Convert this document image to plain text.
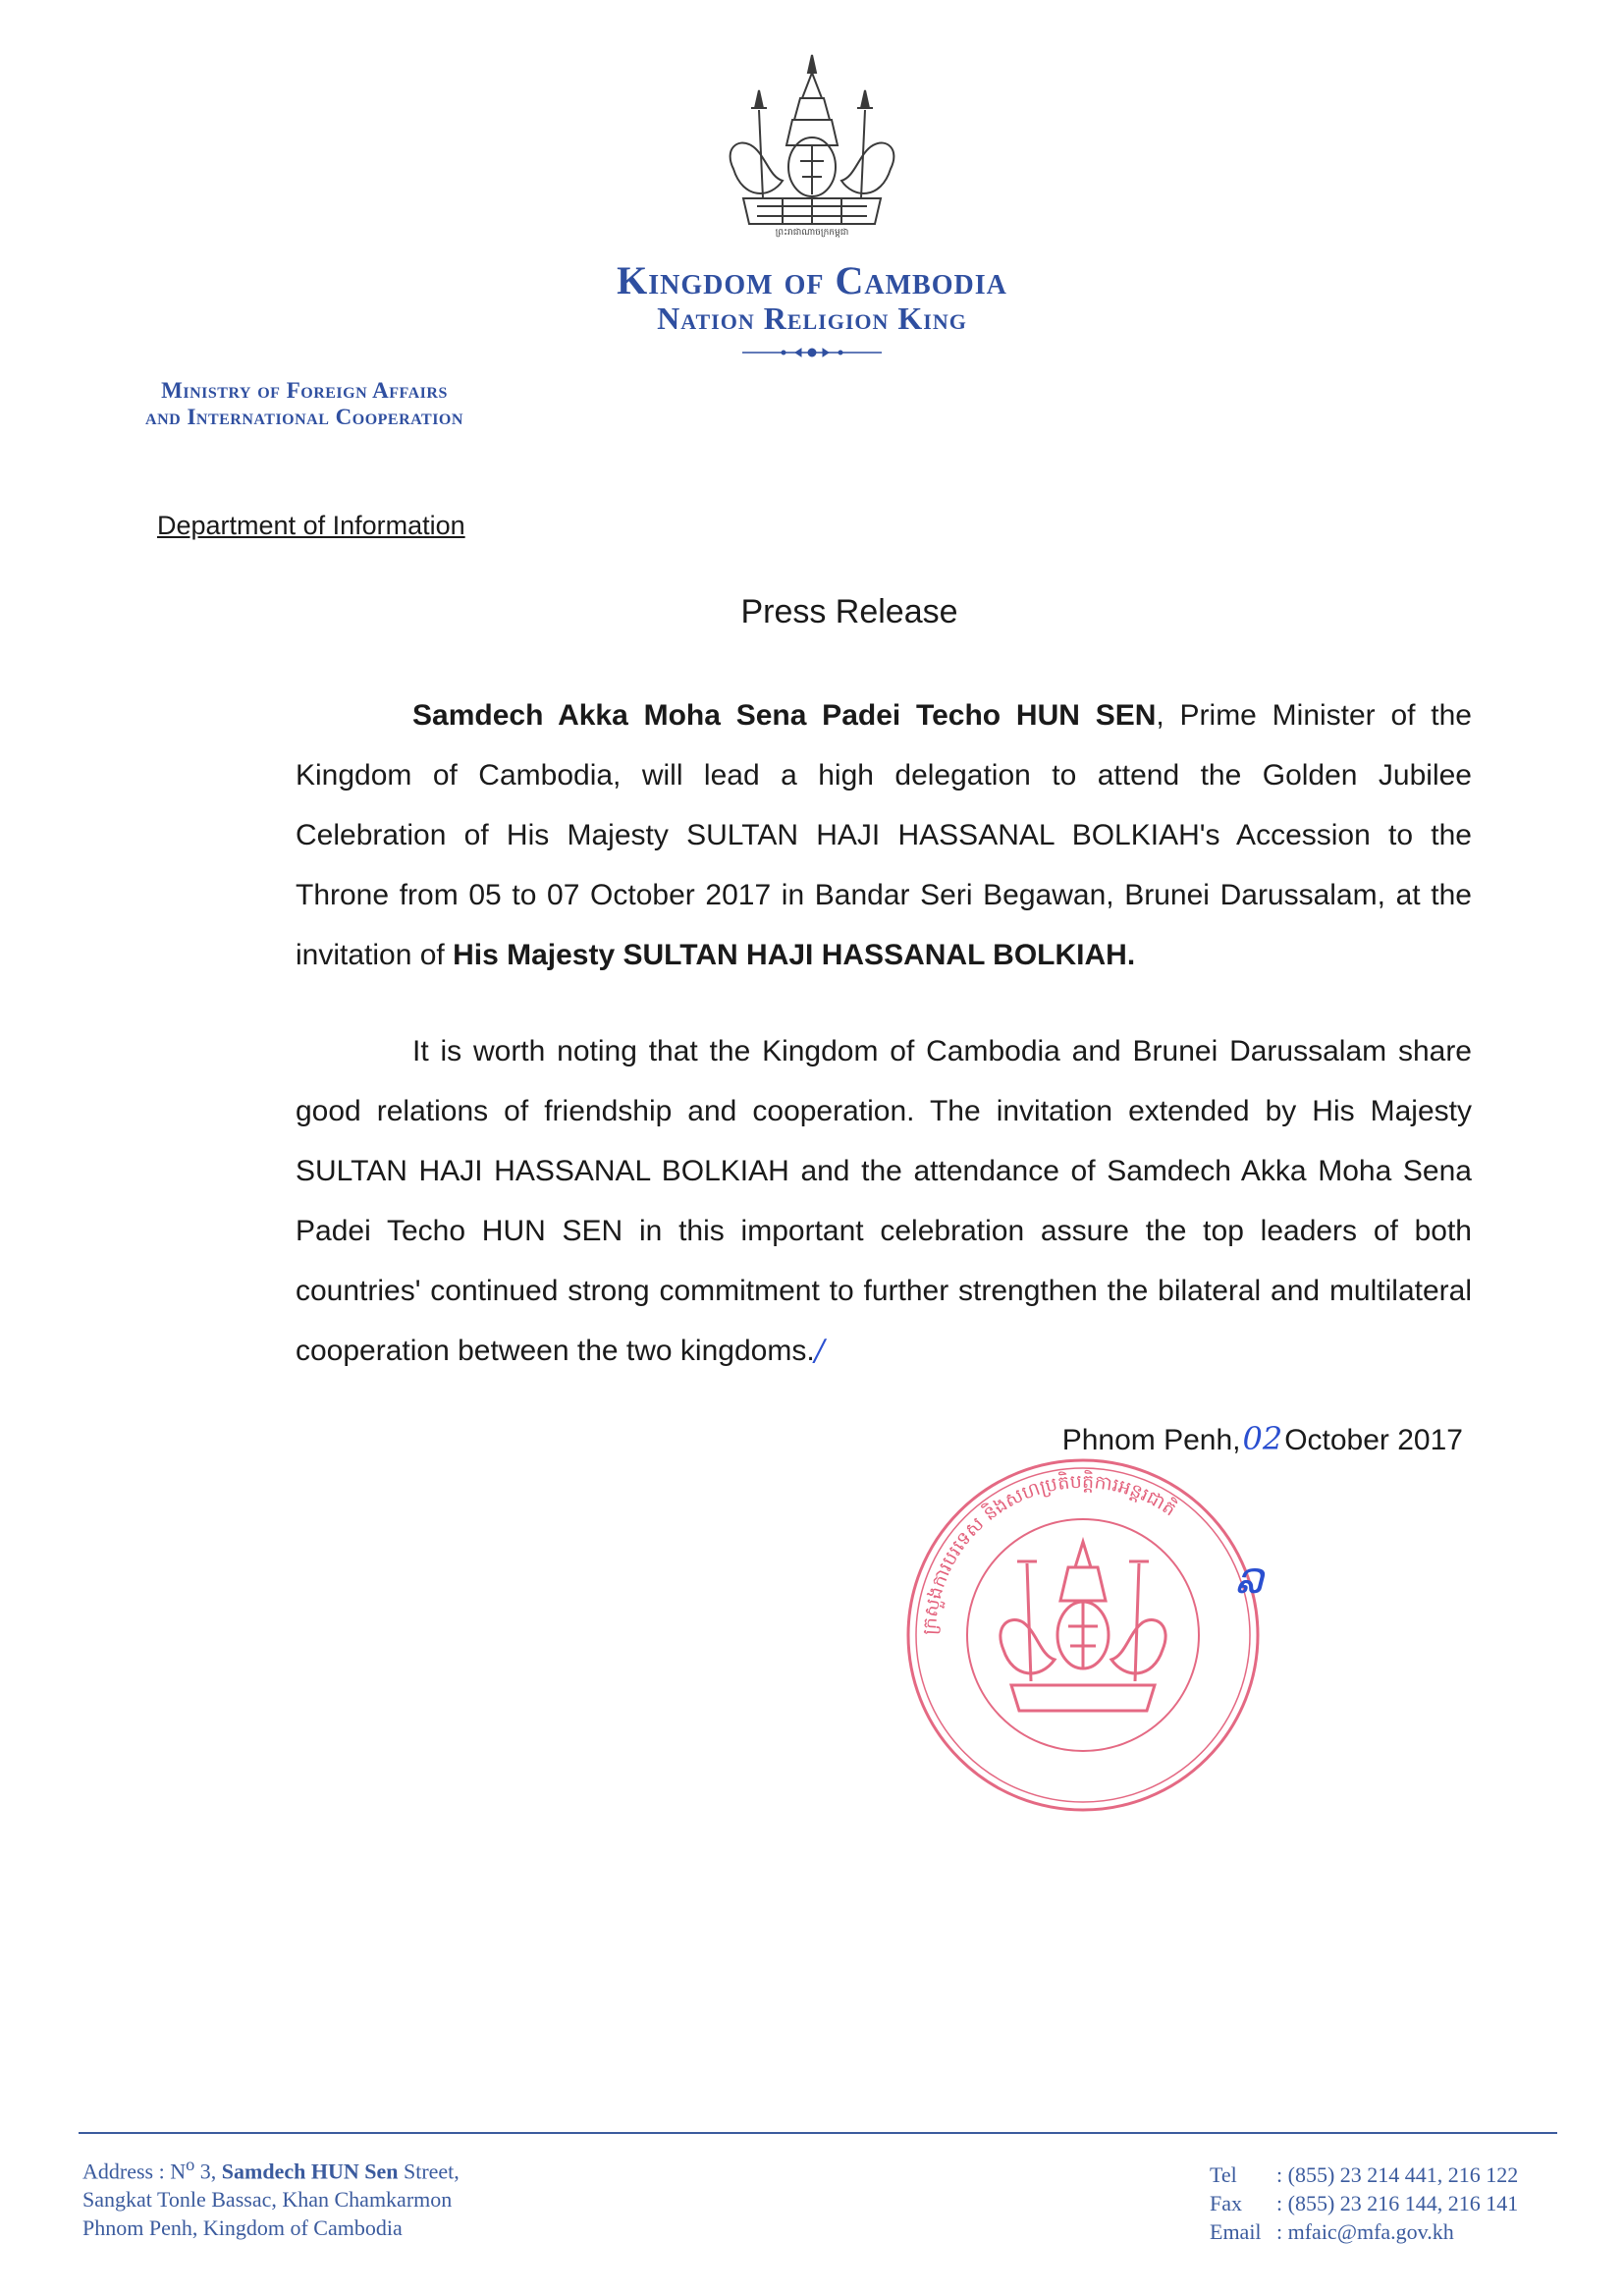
ព្រះរាជាណាចក្រកម្ពុជា
Kingdom of Cambodia
Nation Religion King
Ministry of Foreign Affairs
and International Cooperation
Department of Information
Press Release

Samdech Akka Moha Sena Padei Techo HUN SEN, Prime Minister of the Kingdom of Cambodia, will lead a high delegation to attend the Golden Jubilee Celebration of His Majesty SULTAN HAJI HASSANAL BOLKIAH's Accession to the Throne from 05 to 07 October 2017 in Bandar Seri Begawan, Brunei Darussalam, at the invitation of His Majesty SULTAN HAJI HASSANAL BOLKIAH.

It is worth noting that the Kingdom of Cambodia and Brunei Darussalam share good relations of friendship and cooperation. The invitation extended by His Majesty SULTAN HAJI HASSANAL BOLKIAH and the attendance of Samdech Akka Moha Sena Padei Techo HUN SEN in this important celebration assure the top leaders of both countries' continued strong commitment to further strengthen the bilateral and multilateral cooperation between the two kingdoms./

Phnom Penh,02October 2017
ក្រសួងការបរទេស និងសហប្រតិបត្តិការអន្តរជាតិ
ລ
Address : $N^o$ 3, Samdech HUN Sen Street,
Sangkat Tonle Bassac, Khan Chamkarmon
Phnom Penh, Kingdom of Cambodia
Tel	: (855) 23 214 441, 216 122
Fax	: (855) 23 216 144, 216 141
Email	: mfaic@mfa.gov.kh
